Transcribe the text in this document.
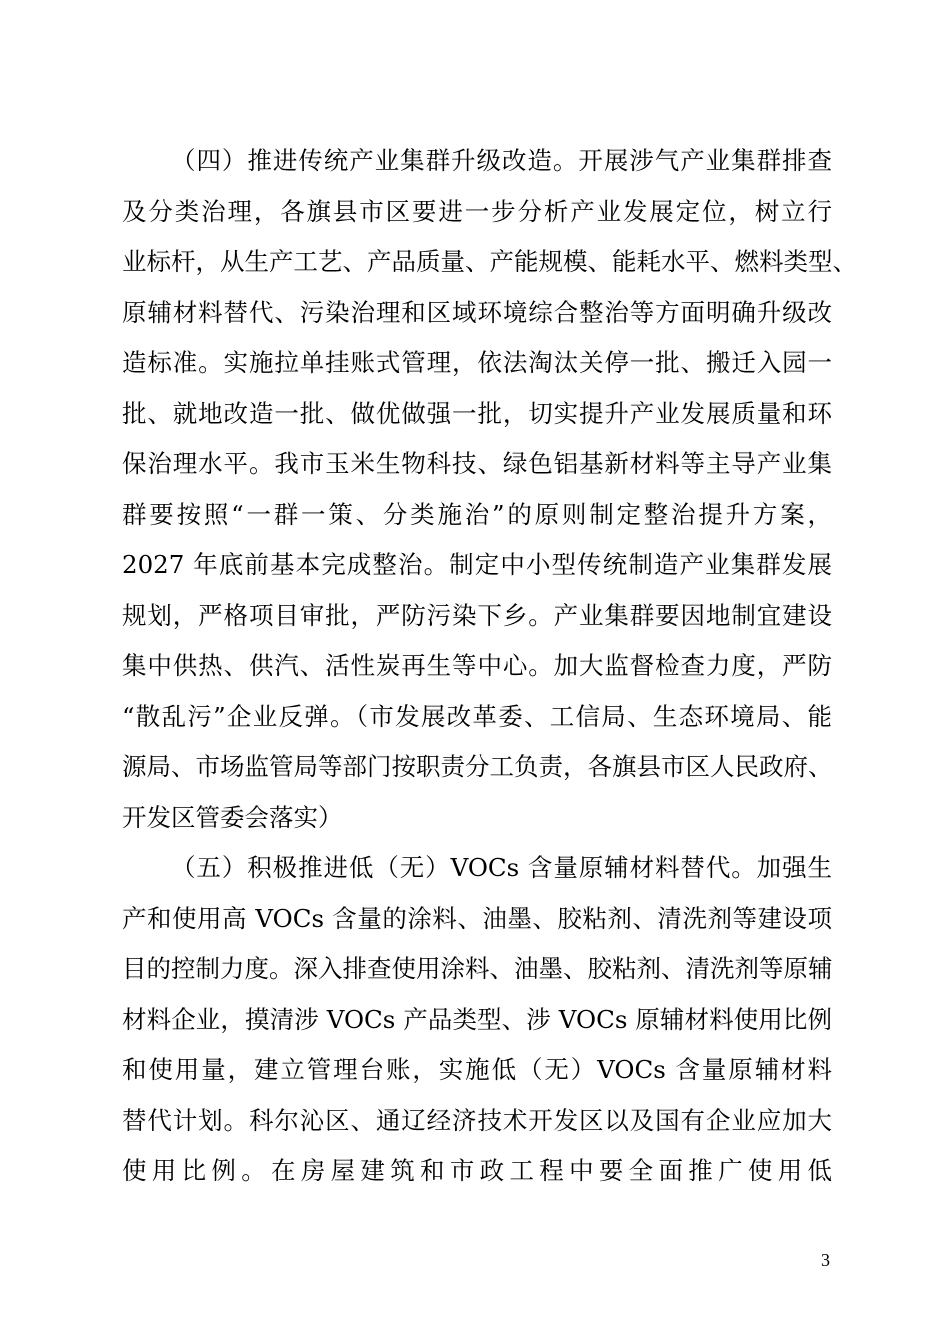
（四）推进传统产业集群升级改造。开展涉气产业集群排查
及分类治理，各旗县市区要进一步分析产业发展定位，树立行
业标杆，从生产工艺、产品质量、产能规模、能耗水平、燃料类型、
原辅材料替代、污染治理和区域环境综合整治等方面明确升级改
造标准。实施拉单挂账式管理，依法淘汰关停一批、搬迁入园一
批、就地改造一批、做优做强一批，切实提升产业发展质量和环
保治理水平。我市玉米生物科技、绿色铝基新材料等主导产业集
群要按照“一群一策、分类施治”的原则制定整治提升方案，
2027 年底前基本完成整治。制定中小型传统制造产业集群发展
规划，严格项目审批，严防污染下乡。产业集群要因地制宜建设
集中供热、供汽、活性炭再生等中心。加大监督检查力度，严防
“散乱污”企业反弹。（市发展改革委、工信局、生态环境局、能
源局、市场监管局等部门按职责分工负责，各旗县市区人民政府、
开发区管委会落实）
（五）积极推进低（无）VOCs 含量原辅材料替代。加强生
产和使用高 VOCs 含量的涂料、油墨、胶粘剂、清洗剂等建设项
目的控制力度。深入排查使用涂料、油墨、胶粘剂、清洗剂等原辅
材料企业，摸清涉 VOCs 产品类型、涉 VOCs 原辅材料使用比例
和使用量，建立管理台账，实施低（无）VOCs 含量原辅材料
替代计划。科尔沁区、通辽经济技术开发区以及国有企业应加大
使用比例。在房屋建筑和市政工程中要全面推广使用低
3
